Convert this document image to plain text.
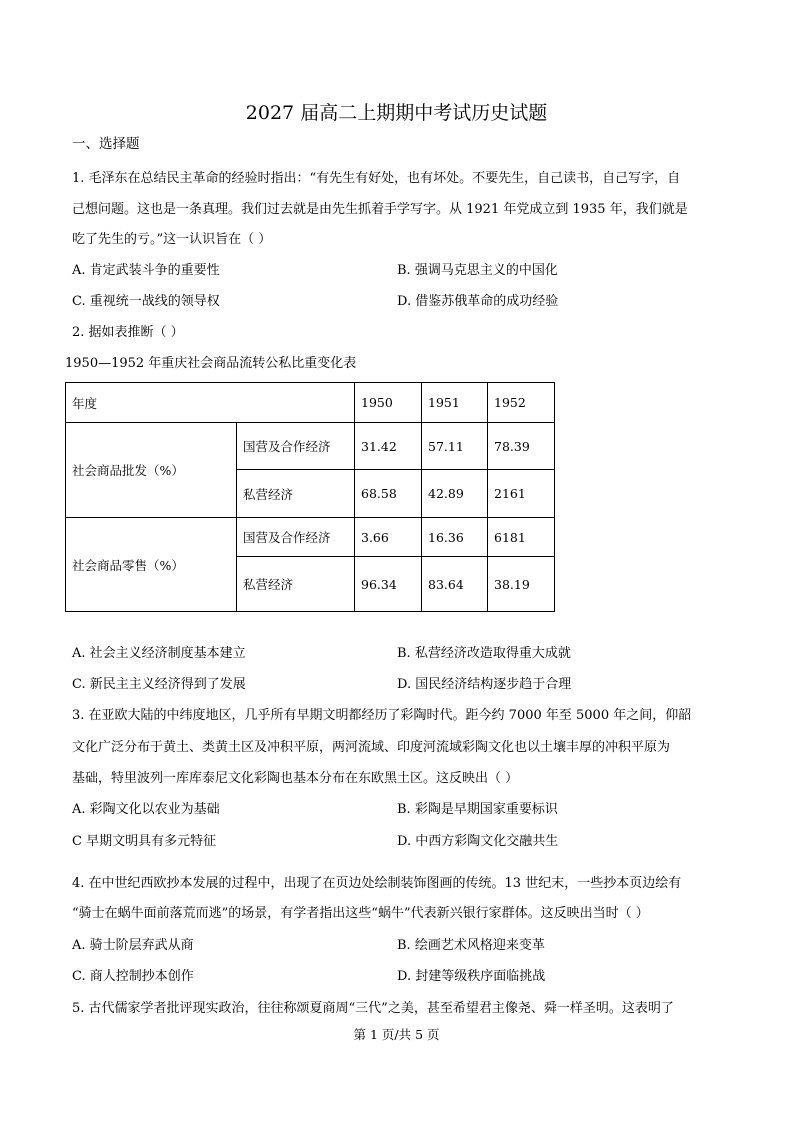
2027 届高二上期期中考试历史试题
一、选择题
1. 毛泽东在总结民主革命的经验时指出：“有先生有好处，也有坏处。不要先生，自己读书，自己写字，自
己想问题。这也是一条真理。我们过去就是由先生抓着手学写字。从 1921 年党成立到 1935 年，我们就是
吃了先生的亏。”这一认识旨在（ ）
A. 肯定武装斗争的重要性	B. 强调马克思主义的中国化
C. 重视统一战线的领导权	D. 借鉴苏俄革命的成功经验
2. 据如表推断（ ）
1950—1952 年重庆社会商品流转公私比重变化表
年度		1950	1951	1952
社会商品批发（%）	国营及合作经济	31.42	57.11	78.39
	私营经济	68.58	42.89	2161
社会商品零售（%）	国营及合作经济	3.66	16.36	6181
	私营经济	96.34	83.64	38.19
A. 社会主义经济制度基本建立	B. 私营经济改造取得重大成就
C. 新民主主义经济得到了发展	D. 国民经济结构逐步趋于合理
3. 在亚欧大陆的中纬度地区，几乎所有早期文明都经历了彩陶时代。距今约 7000 年至 5000 年之间，仰韶
文化广泛分布于黄土、类黄土区及冲积平原，两河流域、印度河流域彩陶文化也以土壤丰厚的冲积平原为
基础，特里波列一库库泰尼文化彩陶也基本分布在东欧黑土区。这反映出（ ）
A. 彩陶文化以农业为基础	B. 彩陶是早期国家重要标识
C 早期文明具有多元特征	D. 中西方彩陶文化交融共生
4. 在中世纪西欧抄本发展的过程中，出现了在页边处绘制装饰图画的传统。13 世纪末，一些抄本页边绘有
“骑士在蜗牛面前落荒而逃”的场景，有学者指出这些“蜗牛”代表新兴银行家群体。这反映出当时（ ）
A. 骑士阶层弃武从商	B. 绘画艺术风格迎来变革
C. 商人控制抄本创作	D. 封建等级秩序面临挑战
5. 古代儒家学者批评现实政治，往往称颂夏商周“三代”之美，甚至希望君主像尧、舜一样圣明。这表明了
第 1 页/共 5 页
